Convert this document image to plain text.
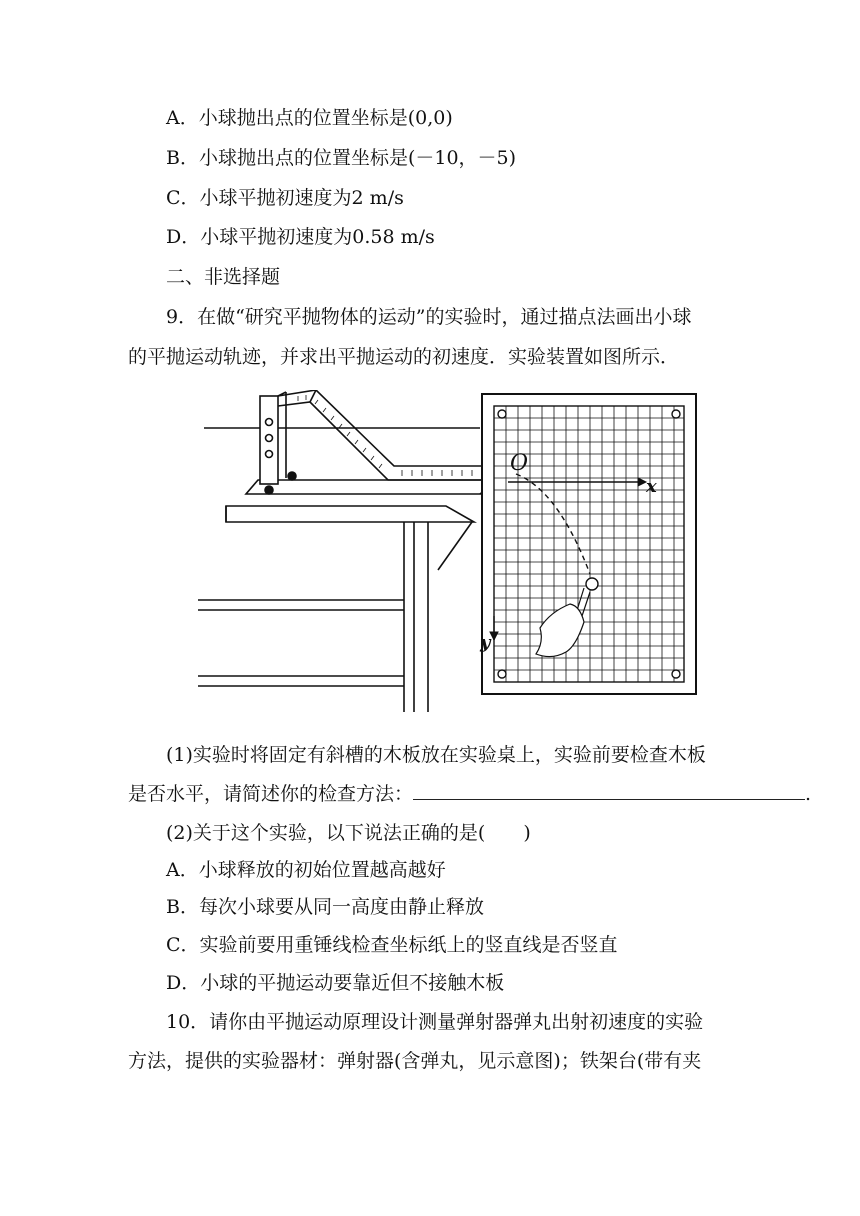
A．小球抛出点的位置坐标是(0,0)
B．小球抛出点的位置坐标是(－10，－5)
C．小球平抛初速度为2 m/s
D．小球平抛初速度为0.58 m/s
二、非选择题
9．在做“研究平抛物体的运动”的实验时，通过描点法画出小球
的平抛运动轨迹，并求出平抛运动的初速度．实验装置如图所示．
O
x
y
(1)实验时将固定有斜槽的木板放在实验桌上，实验前要检查木板
是否水平，请简述你的检查方法：	.
(2)关于这个实验，以下说法正确的是(　　)
A．小球释放的初始位置越高越好
B．每次小球要从同一高度由静止释放
C．实验前要用重锤线检查坐标纸上的竖直线是否竖直
D．小球的平抛运动要靠近但不接触木板
10．请你由平抛运动原理设计测量弹射器弹丸出射初速度的实验
方法，提供的实验器材：弹射器(含弹丸，见示意图)；铁架台(带有夹
